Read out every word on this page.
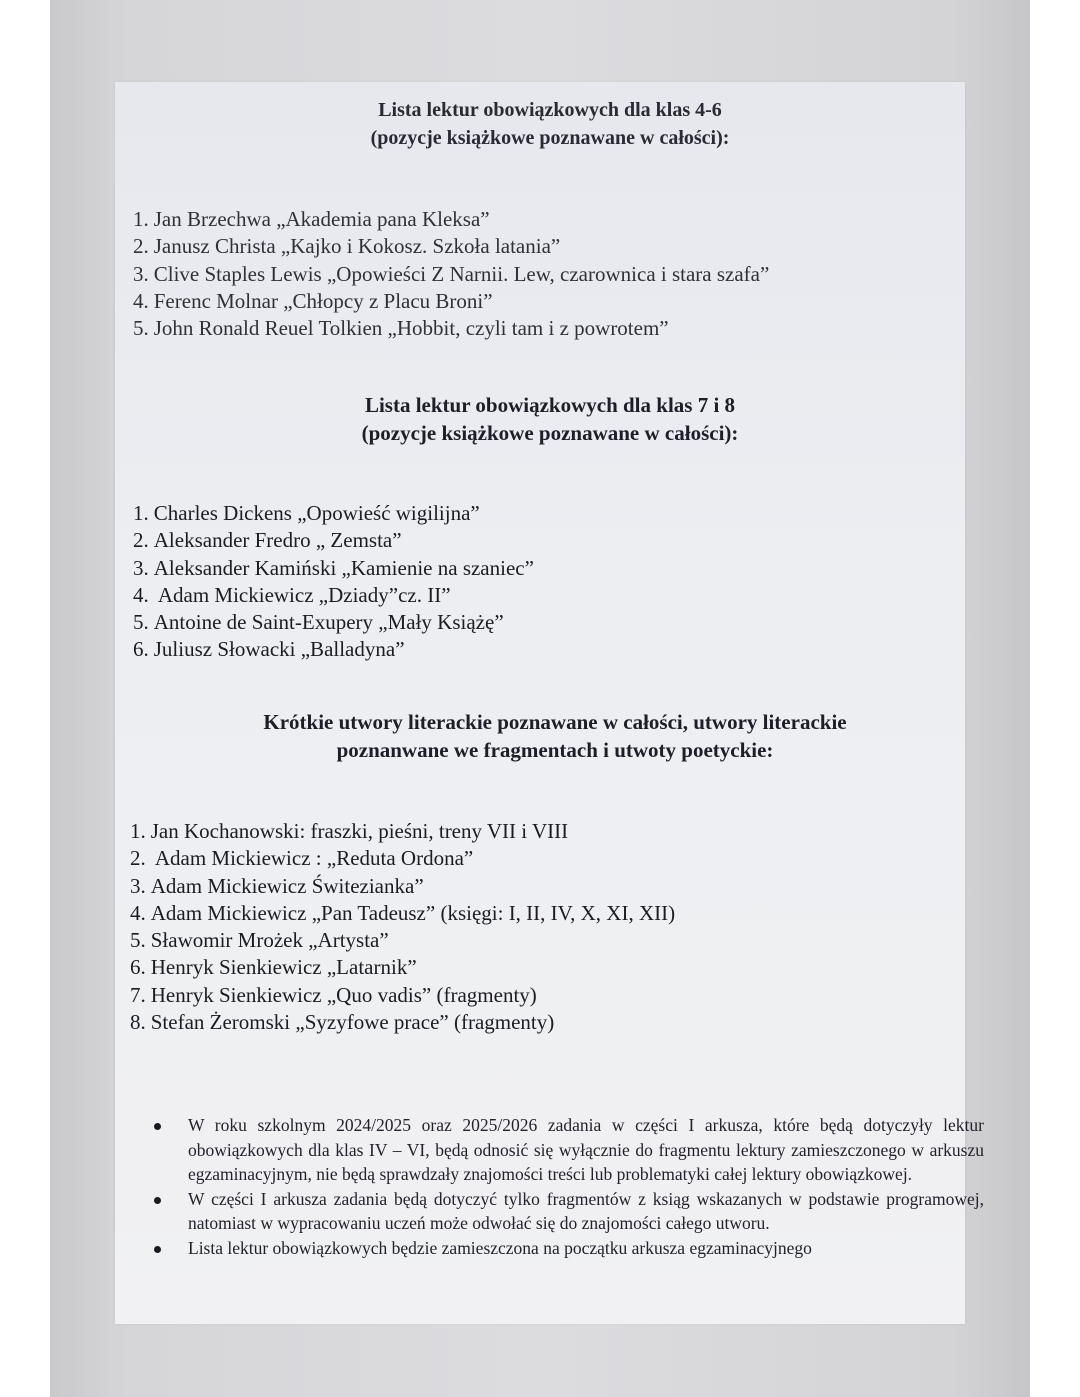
Lista lektur obowiązkowych dla klas 4-6
(pozycje książkowe poznawane w całości):
1. Jan Brzechwa „Akademia pana Kleksa”
2. Janusz Christa „Kajko i Kokosz. Szkoła latania”
3. Clive Staples Lewis „Opowieści Z Narnii. Lew, czarownica i stara szafa”
4. Ferenc Molnar „Chłopcy z Placu Broni”
5. John Ronald Reuel Tolkien „Hobbit, czyli tam i z powrotem”
Lista lektur obowiązkowych dla klas 7 i 8
(pozycje książkowe poznawane w całości):
1. Charles Dickens „Opowieść wigilijna”
2. Aleksander Fredro „ Zemsta”
3. Aleksander Kamiński „Kamienie na szaniec”
4. Adam Mickiewicz „Dziady”cz. II”
5. Antoine de Saint-Exupery „Mały Książę”
6. Juliusz Słowacki „Balladyna”
Krótkie utwory literackie poznawane w całości, utwory literackie
poznanwane we fragmentach i utwoty poetyckie:
1. Jan Kochanowski: fraszki, pieśni, treny VII i VIII
2. Adam Mickiewicz : „Reduta Ordona”
3. Adam Mickiewicz Świtezianka”
4. Adam Mickiewicz „Pan Tadeusz” (księgi: I, II, IV, X, XI, XII)
5. Sławomir Mrożek „Artysta”
6. Henryk Sienkiewicz „Latarnik”
7. Henryk Sienkiewicz „Quo vadis” (fragmenty)
8. Stefan Żeromski „Syzyfowe prace” (fragmenty)
W roku szkolnym 2024/2025 oraz 2025/2026 zadania w części I arkusza, które będą dotyczyły lektur obowiązkowych dla klas IV – VI, będą odnosić się wyłącznie do fragmentu lektury zamieszczonego w arkuszu egzaminacyjnym, nie będą sprawdzały znajomości treści lub problematyki całej lektury obowiązkowej.
W części I arkusza zadania będą dotyczyć tylko fragmentów z ksiąg wskazanych w podstawie programowej, natomiast w wypracowaniu uczeń może odwołać się do znajomości całego utworu.
Lista lektur obowiązkowych będzie zamieszczona na początku arkusza egzaminacyjnego
